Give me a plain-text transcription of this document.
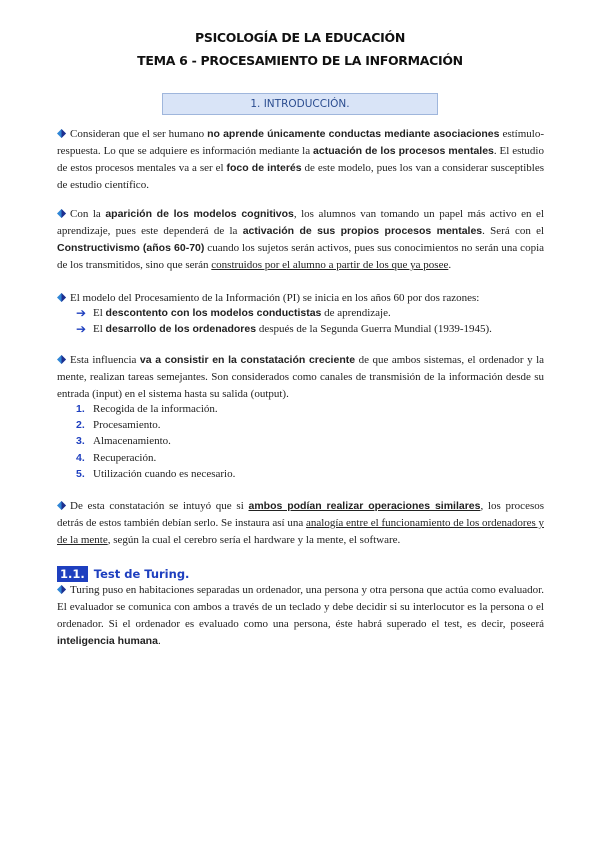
PSICOLOGÍA DE LA EDUCACIÓN
TEMA 6 - PROCESAMIENTO DE LA INFORMACIÓN
1. INTRODUCCIÓN.

Consideran que el ser humano no aprende únicamente conductas mediante asociaciones estímulo-respuesta. Lo que se adquiere es información mediante la actuación de los procesos mentales. El estudio de estos procesos mentales va a ser el foco de interés de este modelo, pues los van a considerar susceptibles de estudio científico.

Con la aparición de los modelos cognitivos, los alumnos van tomando un papel más activo en el aprendizaje, pues este dependerá de la activación de sus propios procesos mentales. Será con el Constructivismo (años 60-70) cuando los sujetos serán activos, pues sus conocimientos no serán una copia de los transmitidos, sino que serán construidos por el alumno a partir de los que ya posee.

El modelo del Procesamiento de la Información (PI) se inicia en los años 60 por dos razones:

➔ El descontento con los modelos conductistas de aprendizaje.
➔ El desarrollo de los ordenadores después de la Segunda Guerra Mundial (1939-1945).

Esta influencia va a consistir en la constatación creciente de que ambos sistemas, el ordenador y la mente, realizan tareas semejantes. Son considerados como canales de transmisión de la información desde su entrada (input) en el sistema hasta su salida (output).

1. Recogida de la información.
2. Procesamiento.
3. Almacenamiento.
4. Recuperación.
5. Utilización cuando es necesario.

De esta constatación se intuyó que si ambos podían realizar operaciones similares, los procesos detrás de estos también debían serlo. Se instaura así una analogía entre el funcionamiento de los ordenadores y de la mente, según la cual el cerebro sería el hardware y la mente, el software.

1.1. Test de Turing.

Turing puso en habitaciones separadas un ordenador, una persona y otra persona que actúa como evaluador. El evaluador se comunica con ambos a través de un teclado y debe decidir si su interlocutor es la persona o el ordenador. Si el ordenador es evaluado como una persona, éste habrá superado el test, es decir, poseerá inteligencia humana.
